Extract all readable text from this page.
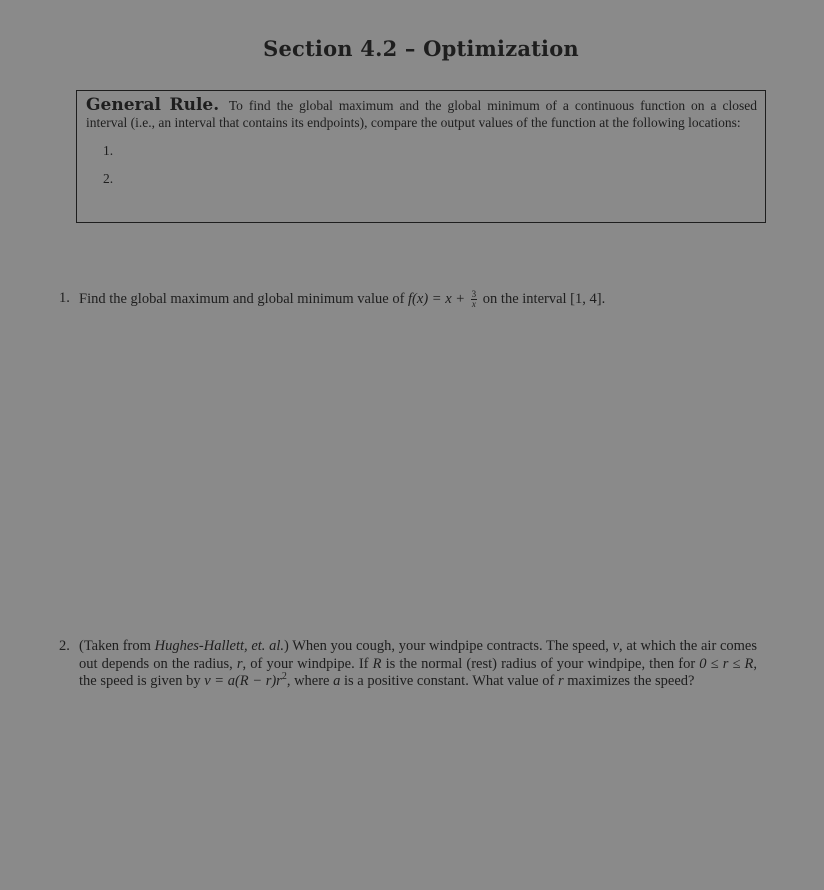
Section 4.2 – Optimization
General Rule. To find the global maximum and the global minimum of a continuous function on a closed interval (i.e., an interval that contains its endpoints), compare the output values of the function at the following locations:
1.
2.
1. Find the global maximum and global minimum value of $f(x) = x + \frac{3}{x}$ on the interval [1, 4].
2. (Taken from Hughes-Hallett, et. al.) When you cough, your windpipe contracts. The speed, v, at which the air comes out depends on the radius, r, of your windpipe. If R is the normal (rest) radius of your windpipe, then for 0 ≤ r ≤ R, the speed is given by $v = a(R - r)r^2$, where a is a positive constant. What value of r maximizes the speed?
